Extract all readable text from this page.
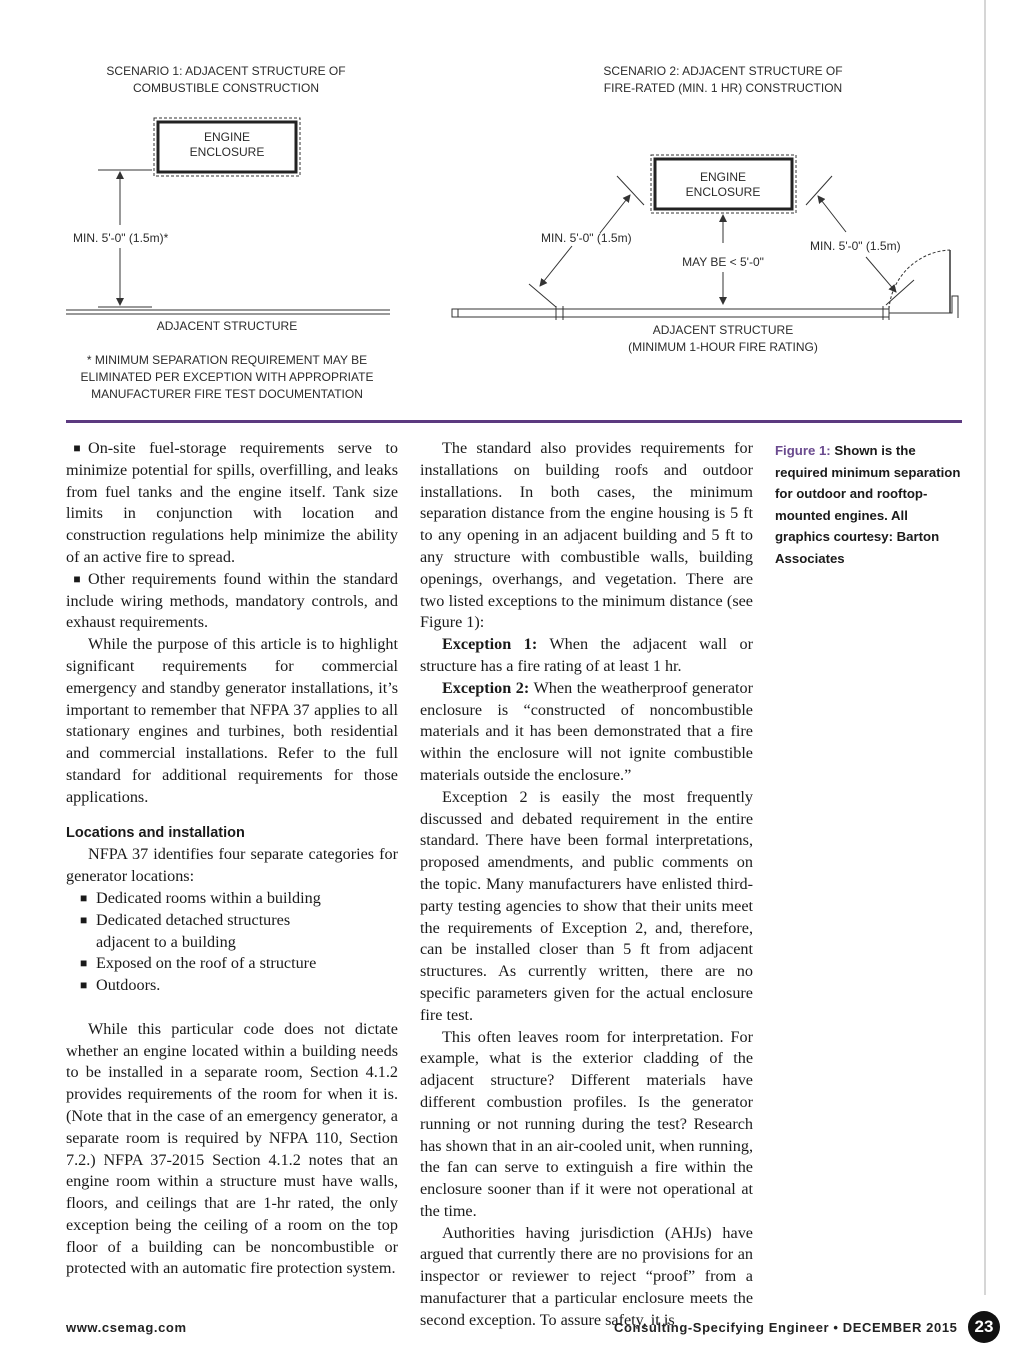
SCENARIO 1: ADJACENT STRUCTURE OF
COMBUSTIBLE CONSTRUCTION
ENGINE
ENCLOSURE
MIN. 5'-0" (1.5m)*
ADJACENT STRUCTURE
* MINIMUM SEPARATION REQUIREMENT MAY BE
ELIMINATED PER EXCEPTION WITH APPROPRIATE
MANUFACTURER FIRE TEST DOCUMENTATION
SCENARIO 2: ADJACENT STRUCTURE OF
FIRE-RATED (MIN. 1 HR) CONSTRUCTION
ENGINE
ENCLOSURE
MIN. 5'-0" (1.5m)
MAY BE < 5'-0"
MIN. 5'-0" (1.5m)
ADJACENT STRUCTURE
(MINIMUM 1-HOUR FIRE RATING)

■ On-site fuel-storage requirements serve to minimize potential for spills, overfilling, and leaks from fuel tanks and the engine itself. Tank size limits in conjunction with location and construction regulations help minimize the ability of an active fire to spread.

■ Other requirements found within the standard include wiring methods, mandatory controls, and exhaust requirements.

While the purpose of this article is to highlight significant requirements for commercial emergency and standby generator installations, it’s important to remember that NFPA 37 applies to all stationary engines and turbines, both residential and commercial installations. Refer to the full standard for additional requirements for those applications.

Locations and installation

NFPA 37 identifies four separate categories for generator locations:

■ Dedicated rooms within a building
■ Dedicated detached structures
adjacent to a building
■ Exposed on the roof of a structure
■ Outdoors.

While this particular code does not dictate whether an engine located within a building needs to be installed in a separate room, Section 4.1.2 provides requirements of the room for when it is. (Note that in the case of an emergency generator, a separate room is required by NFPA 110, Section 7.2.) NFPA 37-2015 Section 4.1.2 notes that an engine room within a structure must have walls, floors, and ceilings that are 1-hr rated, the only exception being the ceiling of a room on the top floor of a building can be noncombustible or protected with an automatic fire protection system.

The standard also provides requirements for installations on building roofs and outdoor installations. In both cases, the minimum separation distance from the engine housing is 5 ft to any opening in an adjacent building and 5 ft to any structure with combustible walls, building openings, overhangs, and vegetation. There are two listed exceptions to the minimum distance (see Figure 1):

Exception 1: When the adjacent wall or structure has a fire rating of at least 1 hr.

Exception 2: When the weatherproof generator enclosure is “constructed of noncombustible materials and it has been demonstrated that a fire within the enclosure will not ignite combustible materials outside the enclosure.”

Exception 2 is easily the most frequently discussed and debated requirement in the entire standard. There have been formal interpretations, proposed amendments, and public comments on the topic. Many manufacturers have enlisted third-party testing agencies to show that their units meet the requirements of Exception 2, and, therefore, can be installed closer than 5 ft from adjacent structures. As currently written, there are no specific parameters given for the actual enclosure fire test.

This often leaves room for interpretation. For example, what is the exterior cladding of the adjacent structure? Different materials have different combustion profiles. Is the generator running or not running during the test? Research has shown that in an air-cooled unit, when running, the fan can serve to extinguish a fire within the enclosure sooner than if it were not operational at the time.

Authorities having jurisdiction (AHJs) have argued that currently there are no provisions for an inspector or reviewer to reject “proof” from a manufacturer that a particular enclosure meets the second exception. To assure safety, it is

Figure 1: Shown is the required minimum separation for outdoor and rooftop-mounted engines. All graphics courtesy: Barton Associates
www.csemag.com	Consulting-Specifying Engineer • DECEMBER 2015	23
